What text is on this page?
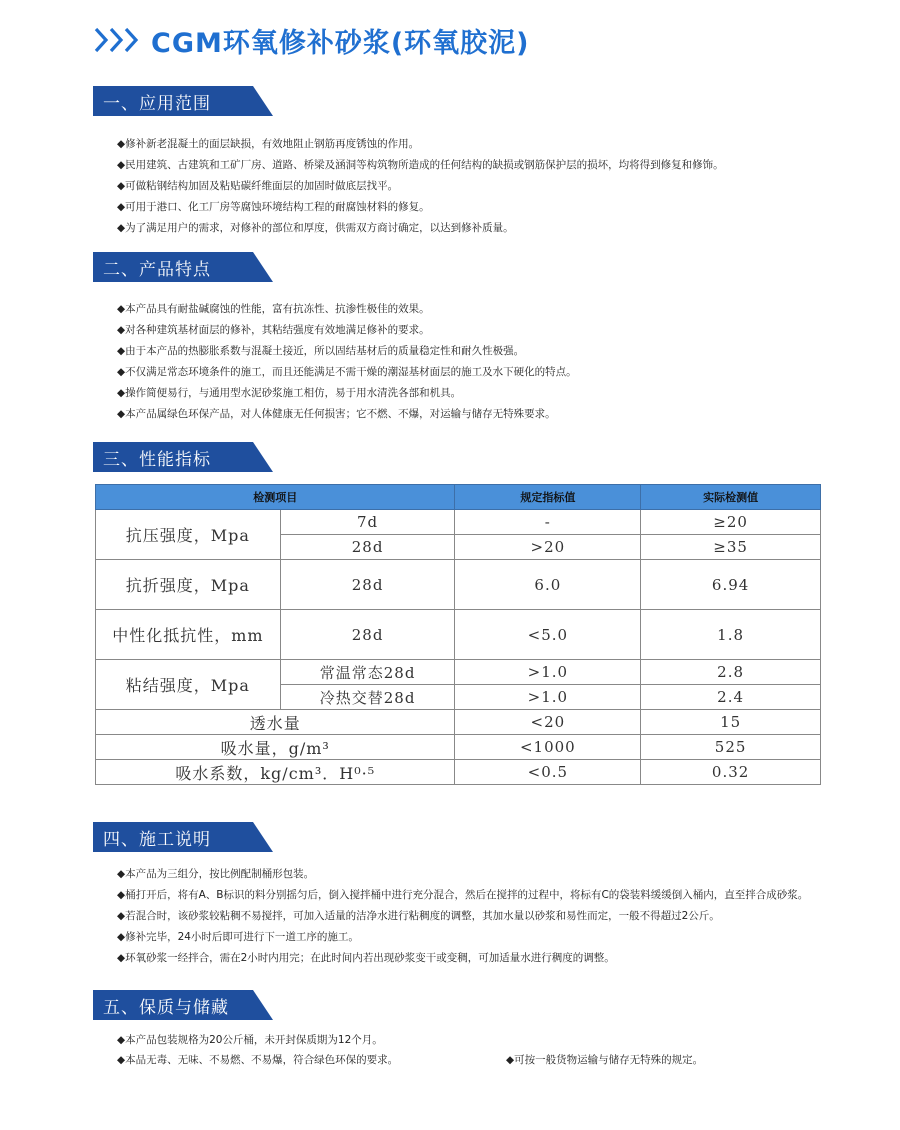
CGM环氧修补砂浆(环氧胶泥)
一、应用范围
◆修补新老混凝土的面层缺损，有效地阻止钢筋再度锈蚀的作用。
◆民用建筑、古建筑和工矿厂房、道路、桥梁及涵洞等构筑物所造成的任何结构的缺损或钢筋保护层的损坏，均将得到修复和修饰。
◆可做粘钢结构加固及粘贴碳纤维面层的加固时做底层找平。
◆可用于港口、化工厂房等腐蚀环境结构工程的耐腐蚀材料的修复。
◆为了满足用户的需求，对修补的部位和厚度，供需双方商讨确定，以达到修补质量。
二、产品特点
◆本产品具有耐盐碱腐蚀的性能，富有抗冻性、抗渗性极佳的效果。
◆对各种建筑基材面层的修补，其粘结强度有效地满足修补的要求。
◆由于本产品的热膨胀系数与混凝土接近，所以固结基材后的质量稳定性和耐久性极强。
◆不仅满足常态环境条件的施工，而且还能满足不需干燥的潮湿基材面层的施工及水下硬化的特点。
◆操作简便易行，与通用型水泥砂浆施工相仿，易于用水清洗各部和机具。
◆本产品属绿色环保产品，对人体健康无任何损害；它不燃、不爆，对运输与储存无特殊要求。
三、性能指标
检测项目		规定指标值	实际检测值
抗压强度，Mpa	7d	-	≥20
	28d	>20	≥35
抗折强度，Mpa	28d	6.0	6.94
中性化抵抗性，mm	28d	<5.0	1.8
粘结强度，Mpa	常温常态28d	>1.0	2.8
	冷热交替28d	>1.0	2.4
透水量		<20	15
吸水量，g/m³		<1000	525
吸水系数，kg/cm³．H⁰·⁵		<0.5	0.32
四、施工说明
◆本产品为三组分，按比例配制桶形包装。
◆桶打开后，将有A、B标识的料分别摇匀后，倒入搅拌桶中进行充分混合，然后在搅拌的过程中，将标有C的袋装料缓缓倒入桶内，直至拌合成砂浆。
◆若混合时，该砂浆较粘稠不易搅拌，可加入适量的洁净水进行粘稠度的调整，其加水量以砂浆和易性而定，一般不得超过2公斤。
◆修补完毕，24小时后即可进行下一道工序的施工。
◆环氧砂浆一经拌合，需在2小时内用完；在此时间内若出现砂浆变干或变稠，可加适量水进行稠度的调整。
五、保质与储藏
◆本产品包装规格为20公斤桶，未开封保质期为12个月。
◆本品无毒、无味、不易燃、不易爆，符合绿色环保的要求。	◆可按一般货物运输与储存无特殊的规定。
